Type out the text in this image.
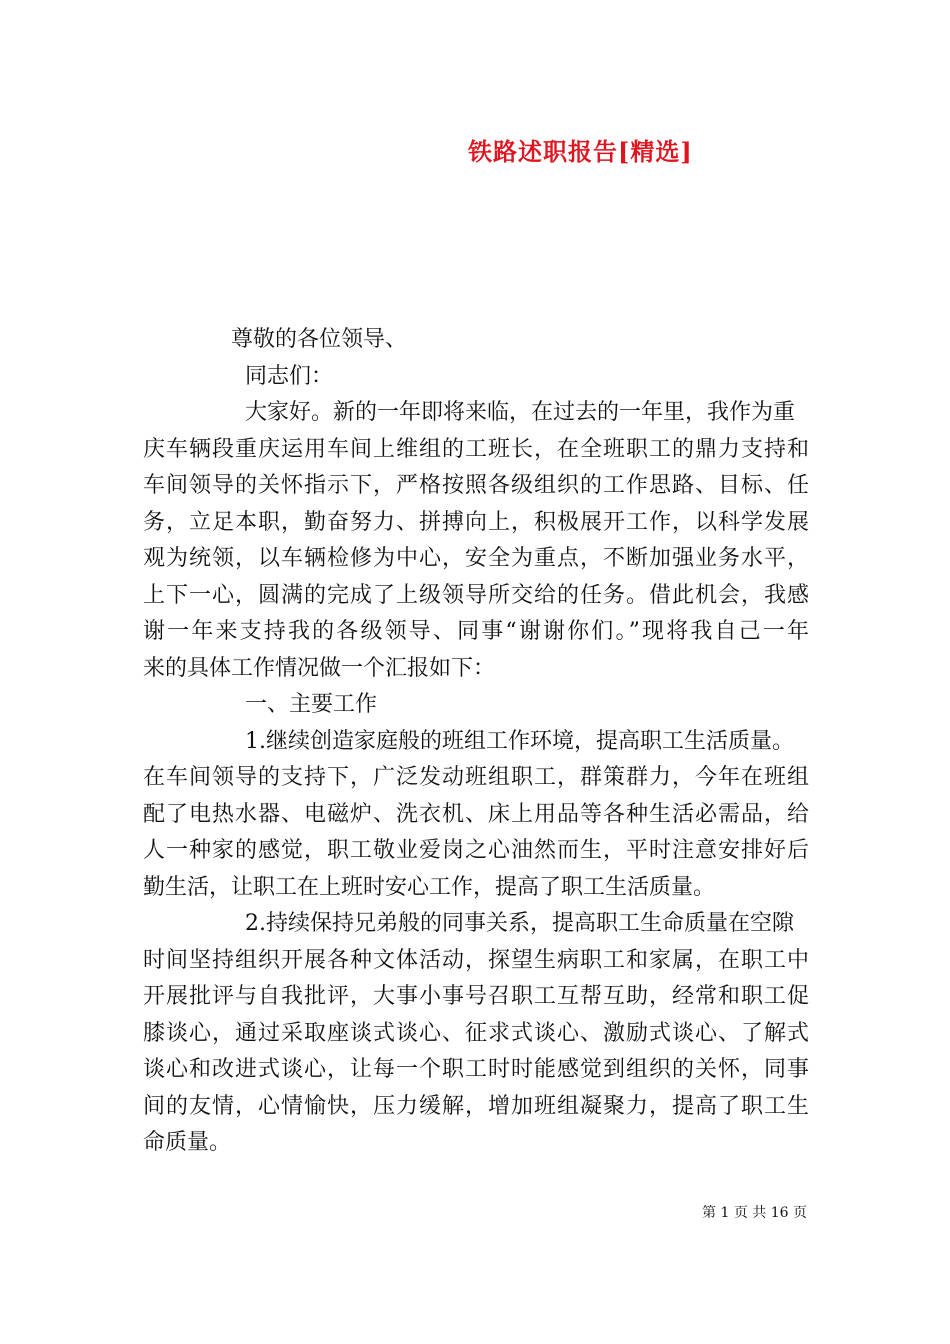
铁路述职报告[精选]
尊敬的各位领导、
同志们：
大家好。新的一年即将来临，在过去的一年里，我作为重
庆车辆段重庆运用车间上维组的工班长，在全班职工的鼎力支持和
车间领导的关怀指示下，严格按照各级组织的工作思路、目标、任
务，立足本职，勤奋努力、拼搏向上，积极展开工作，以科学发展
观为统领，以车辆检修为中心，安全为重点，不断加强业务水平，
上下一心，圆满的完成了上级领导所交给的任务。借此机会，我感
谢一年来支持我的各级领导、同事“谢谢你们。”现将我自己一年
来的具体工作情况做一个汇报如下：
一、主要工作
1.继续创造家庭般的班组工作环境，提高职工生活质量。
在车间领导的支持下，广泛发动班组职工，群策群力，今年在班组
配了电热水器、电磁炉、洗衣机、床上用品等各种生活必需品，给
人一种家的感觉，职工敬业爱岗之心油然而生，平时注意安排好后
勤生活，让职工在上班时安心工作，提高了职工生活质量。
2.持续保持兄弟般的同事关系，提高职工生命质量在空隙
时间坚持组织开展各种文体活动，探望生病职工和家属，在职工中
开展批评与自我批评，大事小事号召职工互帮互助，经常和职工促
膝谈心，通过采取座谈式谈心、征求式谈心、激励式谈心、了解式
谈心和改进式谈心，让每一个职工时时能感觉到组织的关怀，同事
间的友情，心情愉快，压力缓解，增加班组凝聚力，提高了职工生
命质量。
第 1 页 共 16 页
